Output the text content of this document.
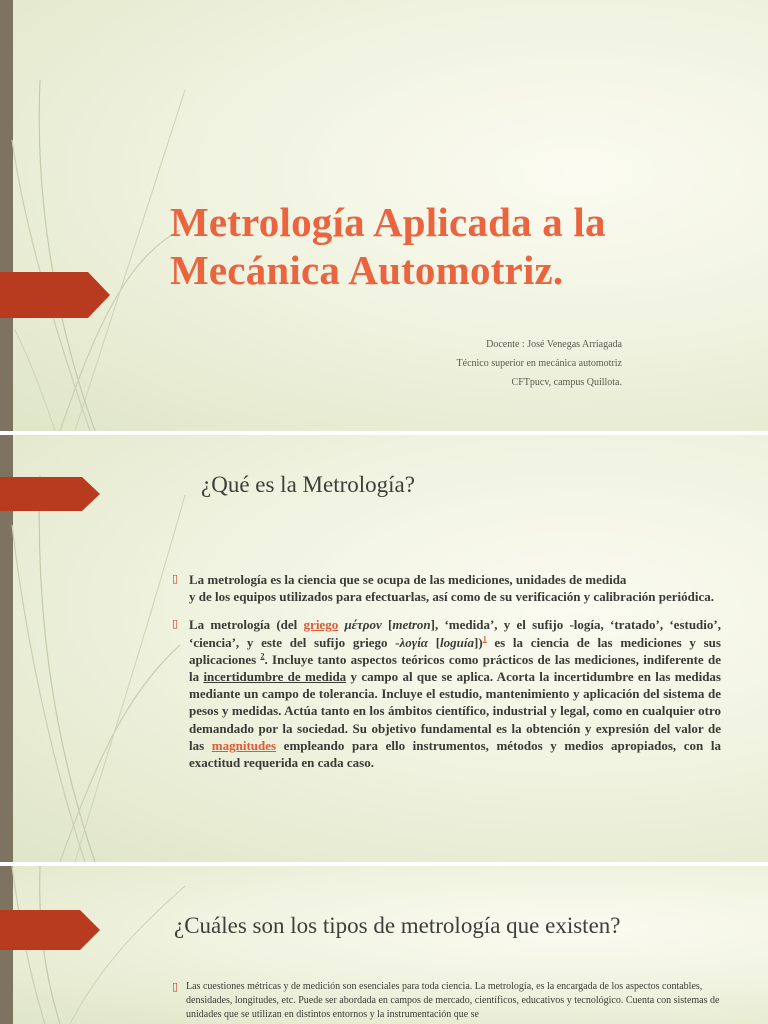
Metrología Aplicada a la
Mecánica Automotriz.
Docente : José Venegas Arriagada
Técnico superior en mecánica automotriz
CFTpucv, campus Quillota.
¿Qué es la Metrología?
▯ La metrología es la ciencia que se ocupa de las mediciones, unidades de medida
y de los equipos utilizados para efectuarlas, así como de su verificación y calibración periódica.
▯ La metrología (del griego μέτρον [metron], ‘medida’, y el sufijo -logía, ‘tratado’, ‘estudio’, ‘ciencia’, y este del sufijo griego -λογία [loguía])$^1$ es la ciencia de las mediciones y sus aplicaciones $^2$. Incluye tanto aspectos teóricos como prácticos de las mediciones, indiferente de la incertidumbre de medida y campo al que se aplica. Acorta la incertidumbre en las medidas mediante un campo de tolerancia. Incluye el estudio, mantenimiento y aplicación del sistema de pesos y medidas. Actúa tanto en los ámbitos científico, industrial y legal, como en cualquier otro demandado por la sociedad. Su objetivo fundamental es la obtención y expresión del valor de las magnitudes empleando para ello instrumentos, métodos y medios apropiados, con la exactitud requerida en cada caso.
¿Cuáles son los tipos de metrología que existen?
▯ Las cuestiones métricas y de medición son esenciales para toda ciencia. La metrología, es la encargada de los aspectos contables, densidades, longitudes, etc. Puede ser abordada en campos de mercado, científicos, educativos y tecnológico. Cuenta con sistemas de unidades que se utilizan en distintos entornos y la instrumentación que se
